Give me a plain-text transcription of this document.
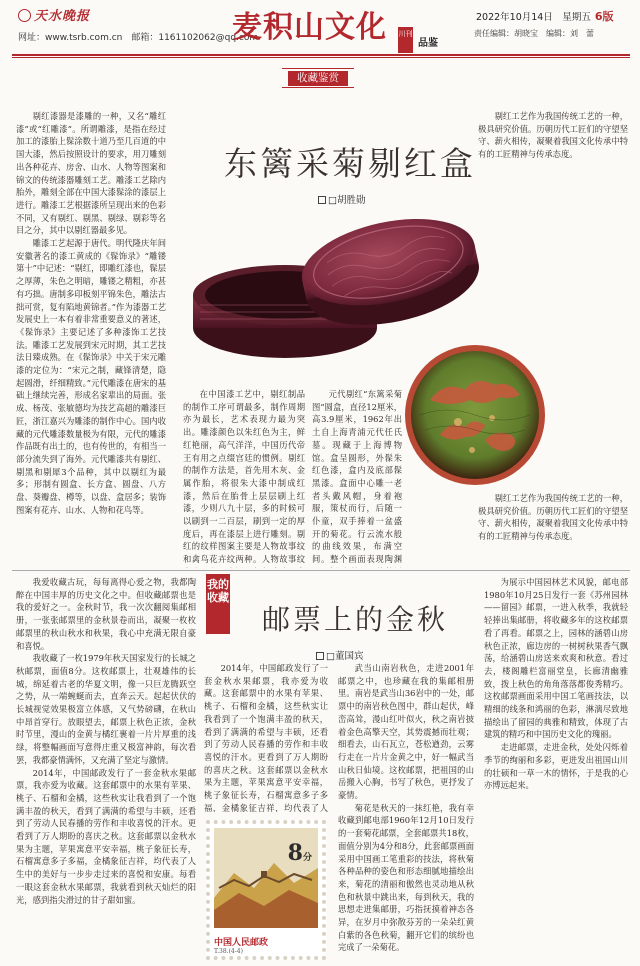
天水晚报
网址：www.tsrb.com.cn　邮箱：1161102062@qq.com
麦积山文化 川刊
品鉴
2022年10月14日　星期五 6版
责任编辑：胡晓宝　编辑：刘　蕾
收藏鉴赏

剔红漆器是漆雕的一种，又名“雕红漆”或“红雕漆”。所谓雕漆，是指在经过加工的漆胎上髹涂数十道乃至几百道的中国大漆，然后按照设计的要求，用刀雕刻出各种花卉、房舍、山水、人物等图案和锦文的传统漆器雕刻工艺。雕漆工艺除内胎外，雕刻全部在中国大漆髹涂的漆层上进行。雕漆工艺根据漆所呈现出来的色彩不同，又有剔红、剔黑、剔绿、剔彩等名目之分，其中以剔红器最多见。

雕漆工艺起源于唐代。明代隆庆年间安徽著名的漆工黄成的《髹饰录》“雕镂第十”中记述：“剔红，即雕红漆也，髹层之厚薄，朱色之明暗，雕镂之精粗，亦甚有巧拙。唐制多印板刻平锦朱色，雕法古拙可赏，复有陷地黄锦者。”作为漆器工艺发展史上一本有着非常重要意义的著述，《髹饰录》主要记述了多种漆饰工艺技法。雕漆工艺发展到宋元时期，其工艺技法日臻成熟。在《髹饰录》中关于宋元雕漆的定位为：“宋元之制，藏锋清楚，隐起圆滑，纤细精致。”元代雕漆在唐宋的基础上继续完善，形成名家辈出的局面。张成、杨茂、张敏德均为技艺高超的雕漆巨匠，浙江嘉兴为雕漆的制作中心。国内收藏的元代雕漆数量极为有限，元代的雕漆作品既有出土的，也有传世的，有相当一部分流失到了海外。元代雕漆共有剔红、剔黑和剔犀3个品种，其中以剔红为最多；形制有圆盒、长方盒、圆盘、八方盘、葵瓣盘、樽等，以盘、盒居多；装饰图案有花卉、山水、人物和花鸟等。

东篱采菊剔红盒
□胡胜勋

在中国漆工艺中，剔红制品的制作工序可谓最多，制作周期亦为最长，艺术表现力最为突出。雕漆颜色以朱红色为主，鲜红艳丽，高气洋洋，中国历代帝王有用之点缀宫廷的惯例。剔红的制作方法是，首先用木灰、金属作胎，将很朱大漆中制成红漆，然后在胎骨上层层刷上红漆，少则八九十层，多的时候可以刷到一二百层，刷到一定的厚度后，再在漆层上进行雕刻。剔红的纹样图案主要是人物故事纹和禽鸟花卉纹两种。人物故事纹

元代剔红“东篱采菊图”圆盒，直径12厘米，高3.9厘米，1962年出土自上海青浦元代任氏墓。现藏于上海博物馆。盒呈圆形，外髹朱红色漆，盒内及底部髹黑漆。盒面中心雕一老者头戴风帽，身着袍服，策杖而行，后随一仆童，双手捧着一盆盛开的菊花。行云流水般的曲线效果，布满空间。整个画面表现陶渊

剔红工艺作为我国传统工艺的一种，极具研究价值。历朝历代工匠们的守望坚守、薪火相传，凝聚着我国文化传承中特有的工匠精神与传承态度。

剔红工艺作为我国传统工艺的一种，极具研究价值。历朝历代工匠们的守望坚守、薪火相传，凝聚着我国文化传承中特有的工匠精神与传承态度。

我的收藏
邮票上的金秋
□董国宾

我爱收藏古玩，每每离得心爱之物，我都陶醉在中国丰厚的历史文化之中。但收藏邮票也是我的爱好之一。金秋时节，我一次次翻阅集邮相册，一张张邮票里的金秋景卷而出，凝聚一枚枚邮票里的秋山秋水和秋果，我心中充满无限自豪和喜悦。

我收藏了一枚1979年秋天国家发行的长城之秋邮票，面值8分。这枚邮票上，壮观雄伟的长城，绵延着古老的华夏文明，像一只巨龙腾跃空之势，从一端蜿蜒而去，直奔云天。起起伏伏的长城视觉效果极富立体感，又气势磅礴，在秋山中昂首穿行。放眼望去，邮票上秋色正浓，金秋时节里，漫山的金黄与橘红裹着一片片厚重的浅绿，将整幅画面写意得庄重又极富神韵，每次看罢，我都豪情满怀，又充满了坚定与激情。

2014年，中国邮政发行了一套金秋水果邮票，我亦爱为收藏。这套邮票中的水果有苹果、桃子、石榴和金橘，这些秋实让我看到了一个饱满丰盈的秋天，看到了满满的希望与丰硕，还看到了劳动人民春播的劳作和丰收喜悦的汗水。更看到了万人期盼的喜庆之秋。这套邮票以金秋水果为主题，苹果寓意平安幸福，桃子象征长寿，石榴寓意多子多福，金橘象征吉祥，均代表了人生中的美好与一步步走过来的喜悦和安康。每看一眼这套金秋水果邮票，我就看到秋天灿烂的阳光，感到指尖滑过的甘子甜如蜜。

2014年，中国邮政发行了一套金秋水果邮票，我亦爱为收藏。这套邮票中的水果有苹果、桃子、石榴和金橘，这些秋实让我看到了一个饱满丰盈的秋天，看到了满满的希望与丰硕，还看到了劳动人民春播的劳作和丰收喜悦的汗水。更看到了万人期盼的喜庆之秋。这套邮票以金秋水果为主题，苹果寓意平安幸福，桃子象征长寿，石榴寓意多子多福，金橘象征吉祥，均代表了人

8分
中国人民邮政
T.38.(4-4)

武当山南岩秋色，走进2001年邮票之中，也珍藏在我的集邮相册里。南岩是武当山36岩中的一处，邮票中的南岩秋色图中，群山起伏，峰峦高耸，漫山红叶似火，秋之南岩披着金色高擎天空，其势震撼而壮观；细看去，山石瓦立，苍松遒劲，云雾行走在一片片金黄之中，好一幅武当山秋日仙境。这枚邮票，把祖国的山岳搬入心胸，书写了秋色，更抒发了豪情。

菊花是秋天的一抹红艳，我有幸收藏到邮电部1960年12月10日发行的一套菊花邮票，全套邮票共18枚，面值分别为4分和8分，此套邮票画面采用中国画工笔重彩的技法，将秋菊各种品种的姿色和形态细腻地描绘出来，菊花的清丽和傲然也灵动地从秋色和秋景中跳出来，每到秋天，我的思想走进集邮册，巧指抚摸着神态各异，在岁月中弥散芬芳的一朵朵红黄白紫的各色秋菊，翻开它们的缤纷也完成了一朵菊花。

为展示中国园林艺术风貌，邮电部1980年10月25日发行一套《苏州园林——留园》邮票，一进入秋季，我就轻轻捧出集邮册，将收藏多年的这枚邮票看了再看。邮票之上，园林的涵碧山房秋色正浓，廊边房的一树树秋果香气飘荡，给涵碧山房送来欢爽和秋意。看过去，楼阁雕栏富丽堂皇，长廊清幽雅致，拨上秋色的角角落落都俊秀精巧。这枚邮票画面采用中国工笔画技法，以精细的线条和鸿丽的色彩，淋漓尽致地描绘出了留园的典雅和精致，体现了古建筑的精巧和中国历史文化的瑰丽。

走进邮票，走进金秋，处处闪烁着季节的绚丽和多彩，更进发出祖国山川的壮硕和一草一木的情怀，于是我的心亦博远起来。
